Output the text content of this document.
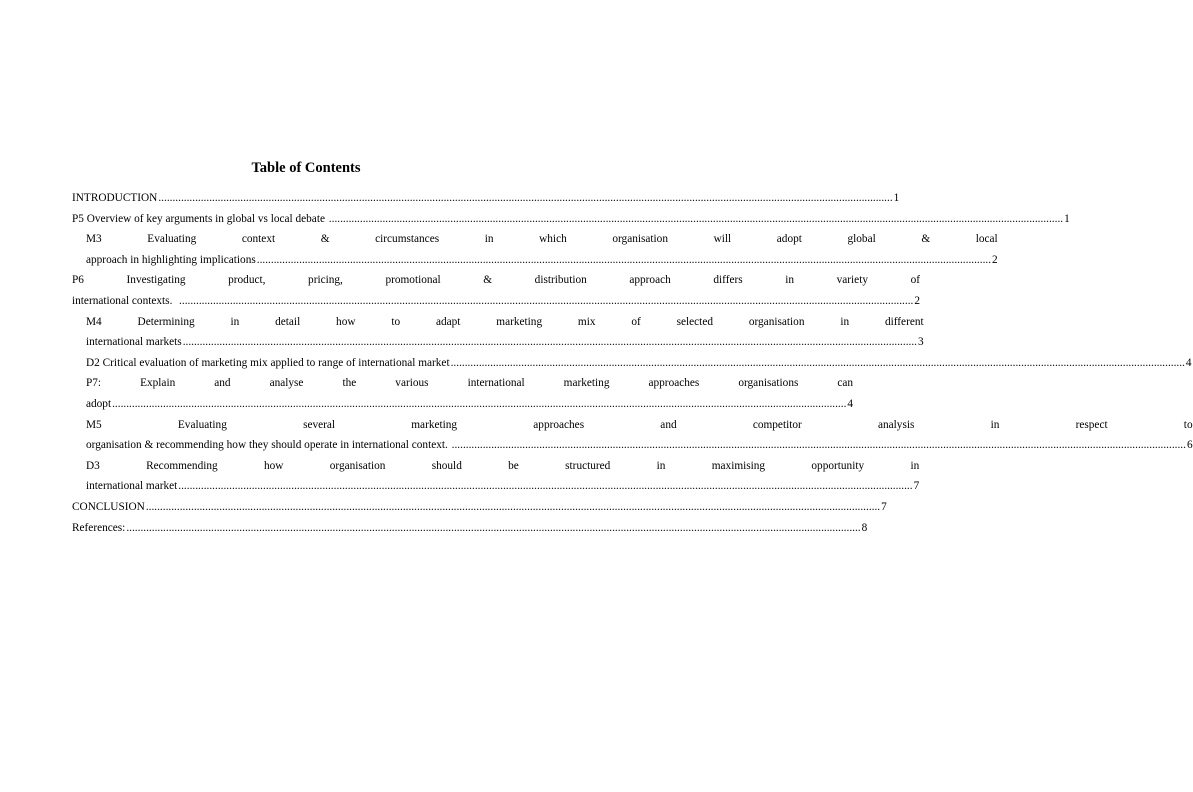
Table of Contents
INTRODUCTION .....	1
P5 Overview of key arguments in global vs local debate .....	1
M3 Evaluating context & circumstances in which organisation will adopt global & local
approach in highlighting implications .....	2
P6 Investigating product, pricing, promotional & distribution approach differs in variety of
international contexts. .....	2
M4 Determining in detail how to adapt marketing mix of selected organisation in different
international markets .....	3
D2 Critical evaluation of marketing mix applied to range of international market .....	4
P7: Explain and analyse the various international marketing approaches organisations can
adopt .....	4
M5 Evaluating several marketing approaches and competitor analysis in respect to
organisation & recommending how they should operate in international context. .....	6
D3 Recommending how organisation should be structured in maximising opportunity in
international market .....	7
CONCLUSION .....	7
References: .....	8
